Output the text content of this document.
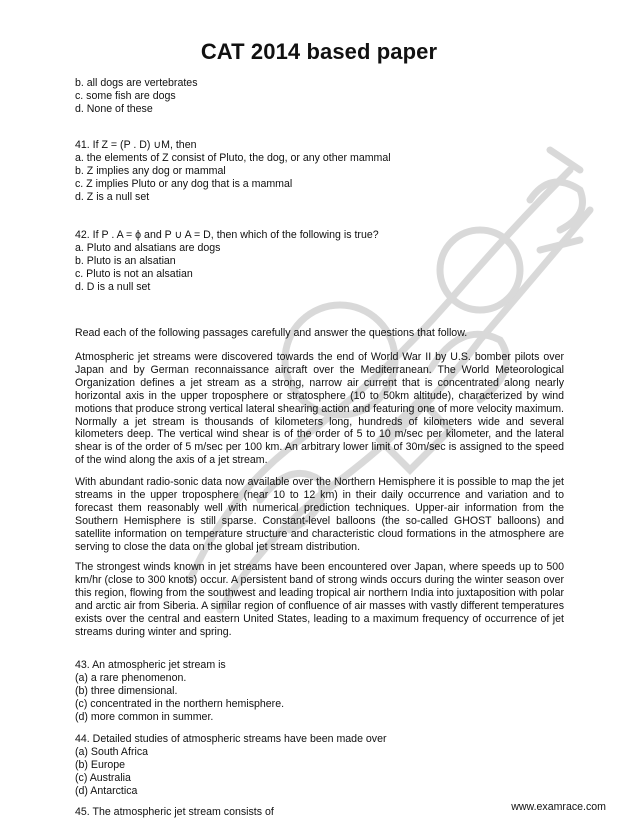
CAT 2014 based paper
b. all dogs are vertebrates
c. some fish are dogs
d. None of these
41. If Z = (P . D) ∪M, then
a. the elements of Z consist of Pluto, the dog, or any other mammal
b. Z implies any dog or mammal
c. Z implies Pluto or any dog that is a mammal
d. Z is a null set
42. If P . A = ϕ and P ∪ A = D, then which of the following is true?
a. Pluto and alsatians are dogs
b. Pluto is an alsatian
c. Pluto is not an alsatian
d. D is a null set

Read each of the following passages carefully and answer the questions that follow.

Atmospheric jet streams were discovered towards the end of World War II by U.S. bomber pilots over Japan and by German reconnaissance aircraft over the Mediterranean. The World Meteorological Organization defines a jet stream as a strong, narrow air current that is concentrated along nearly horizontal axis in the upper troposphere or stratosphere (10 to 50km altitude), characterized by wind motions that produce strong vertical lateral shearing action and featuring one of more velocity maximum. Normally a jet stream is thousands of kilometers long, hundreds of kilometers wide and several kilometers deep. The vertical wind shear is of the order of 5 to 10 m/sec per kilometer, and the lateral shear is of the order of 5 m/sec per 100 km. An arbitrary lower limit of 30m/sec is assigned to the speed of the wind along the axis of a jet stream.

With abundant radio-sonic data now available over the Northern Hemisphere it is possible to map the jet streams in the upper troposphere (near 10 to 12 km) in their daily occurrence and variation and to forecast them reasonably well with numerical prediction techniques. Upper-air information from the Southern Hemisphere is still sparse. Constant-level balloons (the so-called GHOST balloons) and satellite information on temperature structure and characteristic cloud formations in the atmosphere are serving to close the data on the global jet stream distribution.

The strongest winds known in jet streams have been encountered over Japan, where speeds up to 500 km/hr (close to 300 knots) occur. A persistent band of strong winds occurs during the winter season over this region, flowing from the southwest and leading tropical air northern India into juxtaposition with polar and arctic air from Siberia. A similar region of confluence of air masses with vastly different temperatures exists over the central and eastern United States, leading to a maximum frequency of occurrence of jet streams during winter and spring.

43. An atmospheric jet stream is
(a) a rare phenomenon.
(b) three dimensional.
(c) concentrated in the northern hemisphere.
(d) more common in summer.
44. Detailed studies of atmospheric streams have been made over
(a) South Africa
(b) Europe
(c) Australia
(d) Antarctica
45. The atmospheric jet stream consists of	www.examrace.com
